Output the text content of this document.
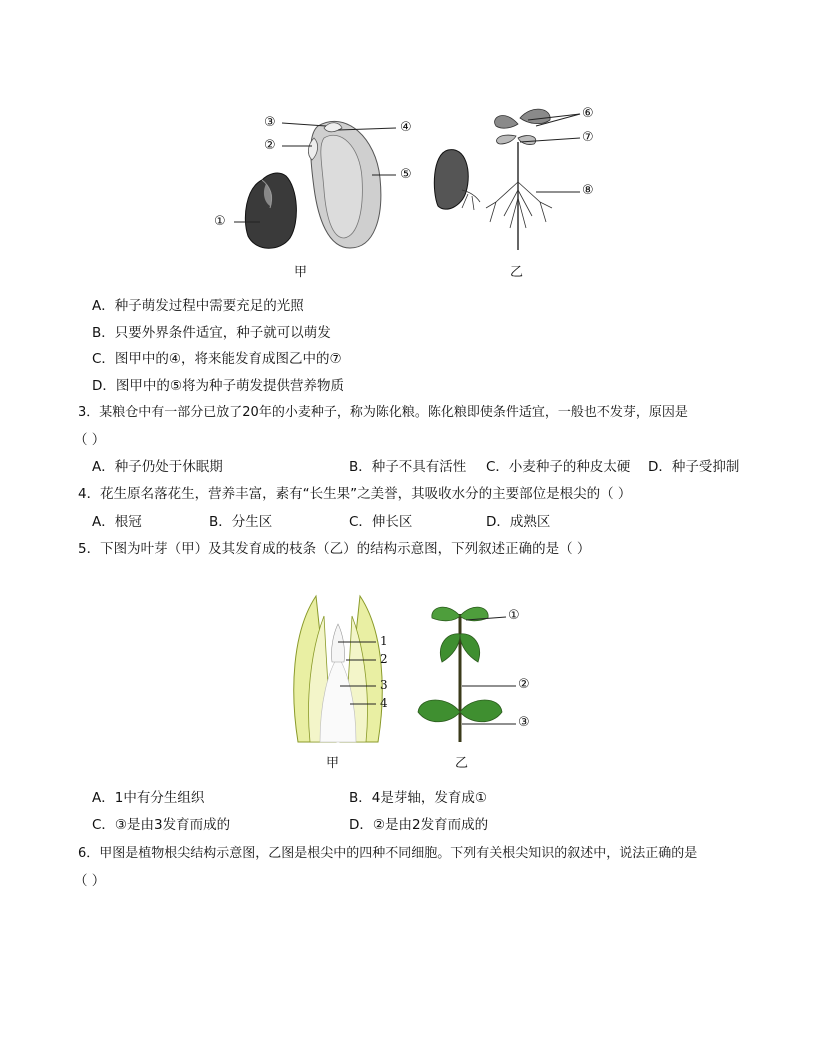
①
③
②
④
⑤
⑥
⑦
⑧
甲	乙
A．种子萌发过程中需要充足的光照
B．只要外界条件适宜，种子就可以萌发
C．图甲中的④，将来能发育成图乙中的⑦
D．图甲中的⑤将为种子萌发提供营养物质
3．某粮仓中有一部分已放了20年的小麦种子，称为陈化粮。陈化粮即使条件适宜，一般也不发芽，原因是
（ ）
A．种子仍处于休眠期	B．种子不具有活性 C．小麦种子的种皮太硬 D．种子受抑制
4．花生原名落花生，营养丰富，素有“长生果”之美誉，其吸收水分的主要部位是根尖的（ ）
A．根冠	B．分生区	C．伸长区	D．成熟区
5．下图为叶芽（甲）及其发育成的枝条（乙）的结构示意图，下列叙述正确的是（ ）
1
2
3
4
①
②
③
甲	乙
A．1中有分生组织	B．4是芽轴，发育成①
C．③是由3发育而成的	D．②是由2发育而成的
6．甲图是植物根尖结构示意图，乙图是根尖中的四种不同细胞。下列有关根尖知识的叙述中，说法正确的是
（ ）
